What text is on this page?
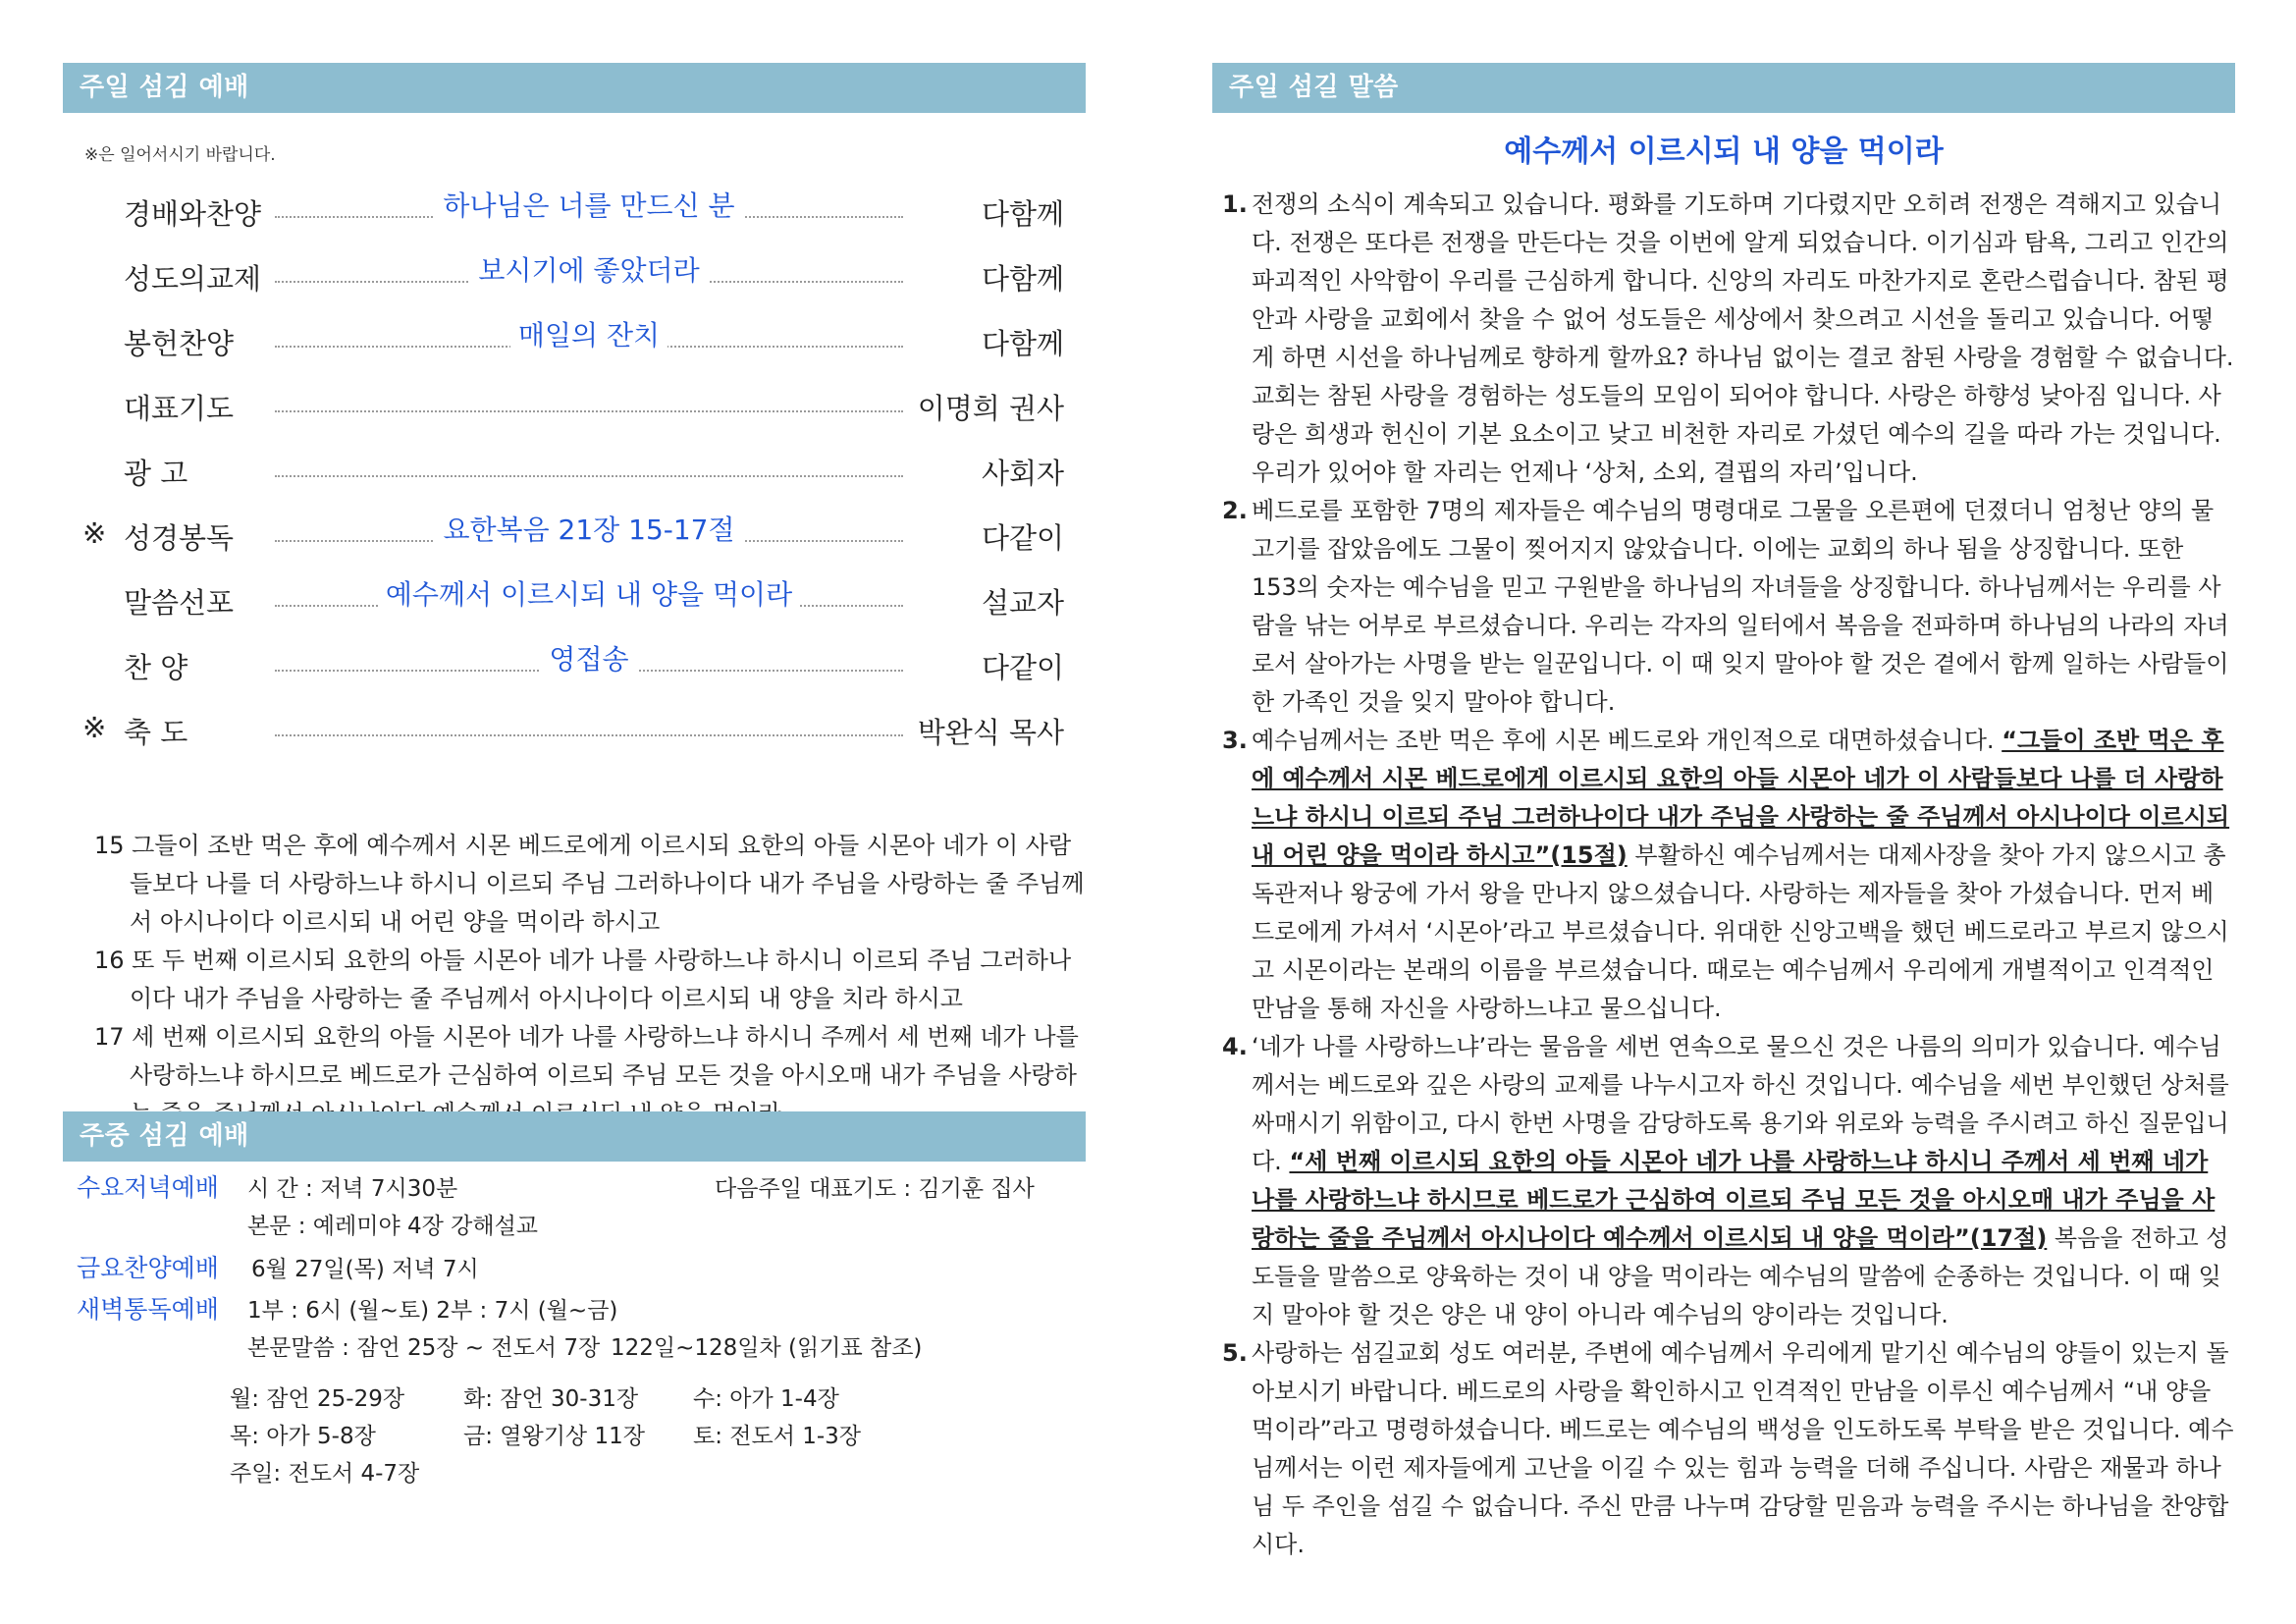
주일 섬김 예배
※은 일어서시기 바랍니다.
경배와찬양	하나님은 너를 만드신 분	다함께
성도의교제	보시기에 좋았더라	다함께
봉헌찬양	매일의 잔치	다함께
대표기도	이명희 권사
광 고	사회자
※ 성경봉독	요한복음 21장 15-17절	다같이
말씀선포	예수께서 이르시되 내 양을 먹이라	설교자
찬 양	영접송	다같이
※ 축 도	박완식 목사

15 그들이 조반 먹은 후에 예수께서 시몬 베드로에게 이르시되 요한의 아들 시몬아 네가 이 사람들보다 나를 더 사랑하느냐 하시니 이르되 주님 그러하나이다 내가 주님을 사랑하는 줄 주님께서 아시나이다 이르시되 내 어린 양을 먹이라 하시고

16 또 두 번째 이르시되 요한의 아들 시몬아 네가 나를 사랑하느냐 하시니 이르되 주님 그러하나이다 내가 주님을 사랑하는 줄 주님께서 아시나이다 이르시되 내 양을 치라 하시고

17 세 번째 이르시되 요한의 아들 시몬아 네가 나를 사랑하느냐 하시니 주께서 세 번째 네가 나를 사랑하느냐 하시므로 베드로가 근심하여 이르되 주님 모든 것을 아시오매 내가 주님을 사랑하

주중 섬김 예배
수요저녁예배 시 간 : 저녁 7시30분	다음주일 대표기도 : 김기훈 집사
본문 : 예레미야 4장 강해설교
금요찬양예배 6월 27일(목) 저녁 7시
새벽통독예배 1부 : 6시 (월~토) 2부 : 7시 (월~금)
본문말씀 : 잠언 25장 ~ 전도서 7장 122일~128일차 (읽기표 참조)
월: 잠언 25-29장	화: 잠언 30-31장 수: 아가 1-4장
목: 아가 5-8장	금: 열왕기상 11장 토: 전도서 1-3장
주일: 전도서 4-7장
주일 섬길 말씀
예수께서 이르시되 내 양을 먹이라
1. 전쟁의 소식이 계속되고 있습니다. 평화를 기도하며 기다렸지만 오히려 전쟁은 격해지고 있습니다. 전쟁은 또다른 전쟁을 만든다는 것을 이번에 알게 되었습니다. 이기심과 탐욕, 그리고 인간의 파괴적인 사악함이 우리를 근심하게 합니다. 신앙의 자리도 마찬가지로 혼란스럽습니다. 참된 평안과 사랑을 교회에서 찾을 수 없어 성도들은 세상에서 찾으려고 시선을 돌리고 있습니다. 어떻게 하면 시선을 하나님께로 향하게 할까요? 하나님 없이는 결코 참된 사랑을 경험할 수 없습니다. 교회는 참된 사랑을 경험하는 성도들의 모임이 되어야 합니다. 사랑은 하향성 낮아짐 입니다. 사랑은 희생과 헌신이 기본 요소이고 낮고 비천한 자리로 가셨던 예수의 길을 따라 가는 것입니다. 우리가 있어야 할 자리는 언제나 ‘상처, 소외, 결핍의 자리’입니다.
2. 베드로를 포함한 7명의 제자들은 예수님의 명령대로 그물을 오른편에 던졌더니 엄청난 양의 물고기를 잡았음에도 그물이 찢어지지 않았습니다. 이에는 교회의 하나 됨을 상징합니다. 또한 153의 숫자는 예수님을 믿고 구원받을 하나님의 자녀들을 상징합니다. 하나님께서는 우리를 사람을 낚는 어부로 부르셨습니다. 우리는 각자의 일터에서 복음을 전파하며 하나님의 나라의 자녀로서 살아가는 사명을 받는 일꾼입니다. 이 때 잊지 말아야 할 것은 곁에서 함께 일하는 사람들이 한 가족인 것을 잊지 말아야 합니다.
3. 예수님께서는 조반 먹은 후에 시몬 베드로와 개인적으로 대면하셨습니다. “그들이 조반 먹은 후에 예수께서 시몬 베드로에게 이르시되 요한의 아들 시몬아 네가 이 사람들보다 나를 더 사랑하느냐 하시니 이르되 주님 그러하나이다 내가 주님을 사랑하는 줄 주님께서 아시나이다 이르시되 내 어린 양을 먹이라 하시고”(15절) 부활하신 예수님께서는 대제사장을 찾아 가지 않으시고 총독관저나 왕궁에 가서 왕을 만나지 않으셨습니다. 사랑하는 제자들을 찾아 가셨습니다. 먼저 베드로에게 가셔서 ‘시몬아’라고 부르셨습니다. 위대한 신앙고백을 했던 베드로라고 부르지 않으시고 시몬이라는 본래의 이름을 부르셨습니다. 때로는 예수님께서 우리에게 개별적이고 인격적인 만남을 통해 자신을 사랑하느냐고 물으십니다.
4. ‘네가 나를 사랑하느냐’라는 물음을 세번 연속으로 물으신 것은 나름의 의미가 있습니다. 예수님께서는 베드로와 깊은 사랑의 교제를 나누시고자 하신 것입니다. 예수님을 세번 부인했던 상처를 싸매시기 위함이고, 다시 한번 사명을 감당하도록 용기와 위로와 능력을 주시려고 하신 질문입니다. “세 번째 이르시되 요한의 아들 시몬아 네가 나를 사랑하느냐 하시니 주께서 세 번째 네가 나를 사랑하느냐 하시므로 베드로가 근심하여 이르되 주님 모든 것을 아시오매 내가 주님을 사랑하는 줄을 주님께서 아시나이다 예수께서 이르시되 내 양을 먹이라”(17절) 복음을 전하고 성도들을 말씀으로 양육하는 것이 내 양을 먹이라는 예수님의 말씀에 순종하는 것입니다. 이 때 잊지 말아야 할 것은 양은 내 양이 아니라 예수님의 양이라는 것입니다.
5. 사랑하는 섬길교회 성도 여러분, 주변에 예수님께서 우리에게 맡기신 예수님의 양들이 있는지 돌아보시기 바랍니다. 베드로의 사랑을 확인하시고 인격적인 만남을 이루신 예수님께서 “내 양을 먹이라”라고 명령하셨습니다. 베드로는 예수님의 백성을 인도하도록 부탁을 받은 것입니다. 예수님께서는 이런 제자들에게 고난을 이길 수 있는 힘과 능력을 더해 주십니다. 사람은 재물과 하나님 두 주인을 섬길 수 없습니다. 주신 만큼 나누며 감당할 믿음과 능력을 주시는 하나님을 찬양합시다.
